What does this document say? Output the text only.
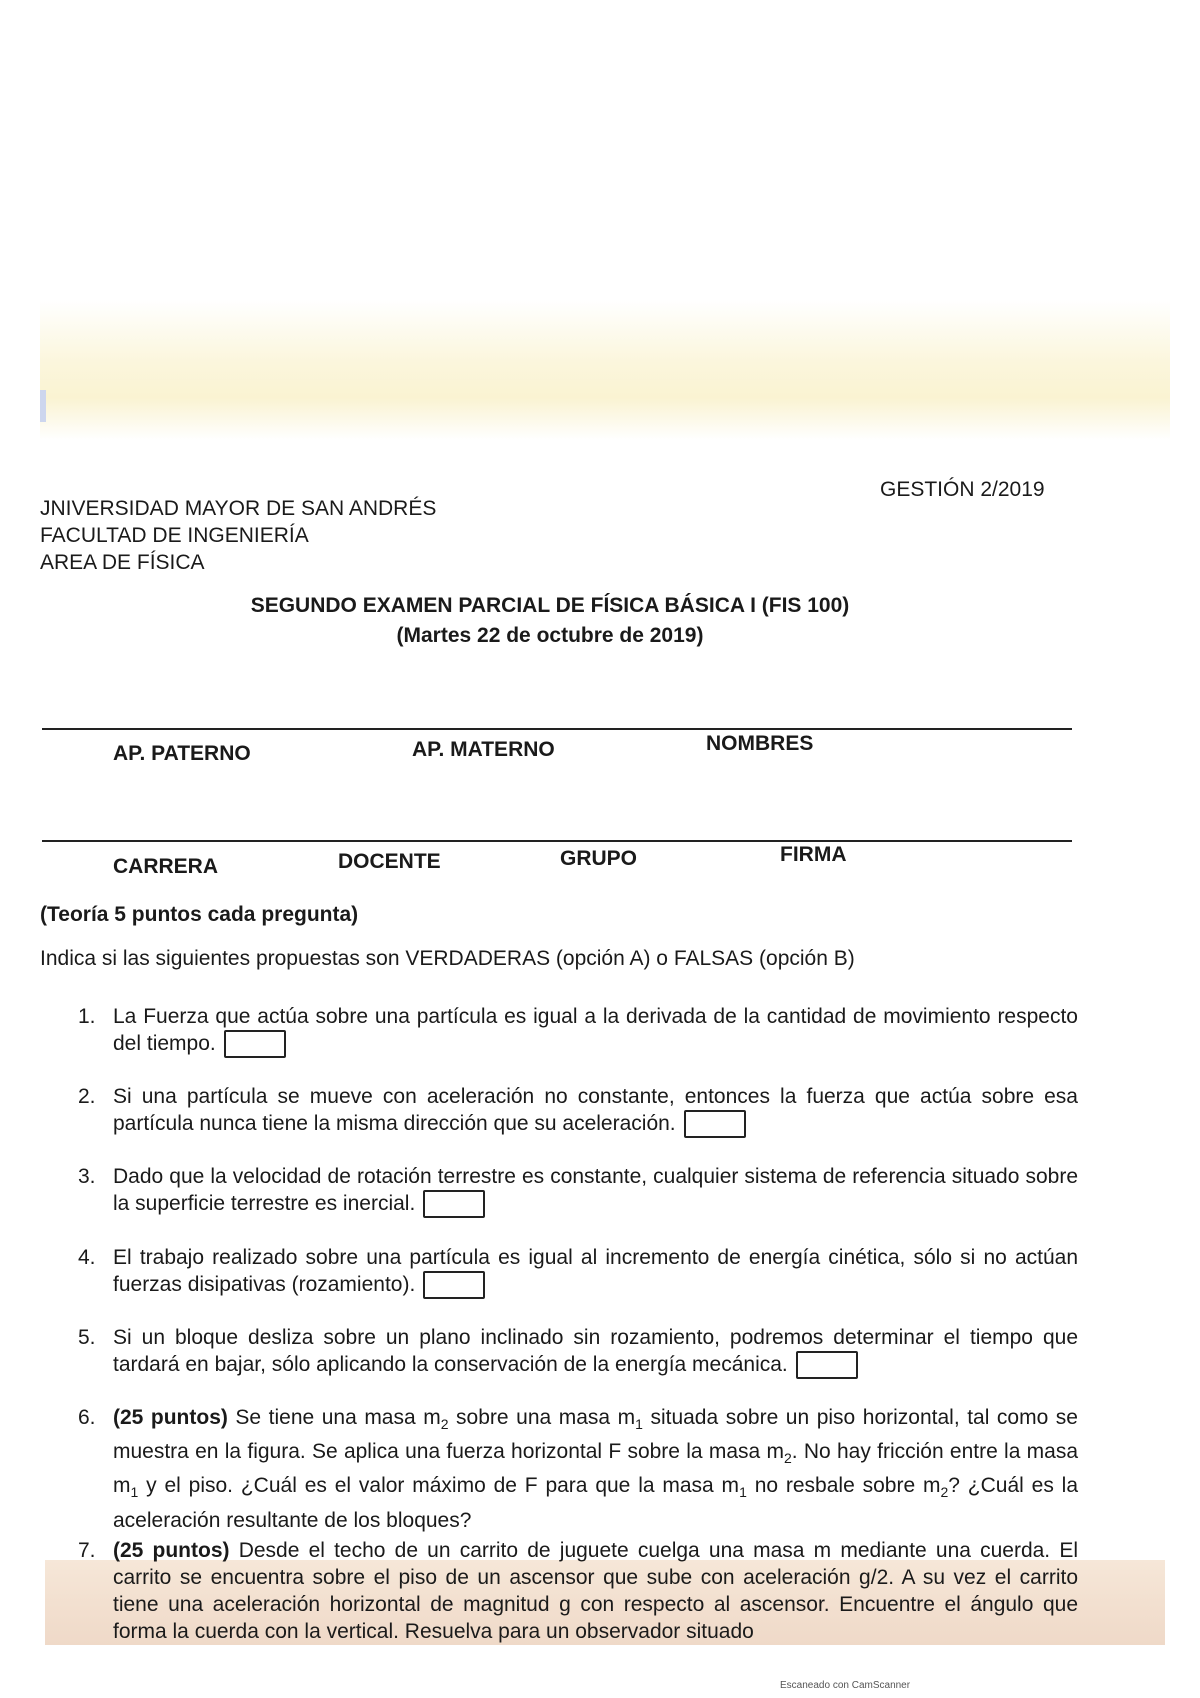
JNIVERSIDAD MAYOR DE SAN ANDRÉS
FACULTAD DE INGENIERÍA
AREA DE FÍSICA
GESTIÓN 2/2019
SEGUNDO EXAMEN PARCIAL DE FÍSICA BÁSICA I (FIS 100)
(Martes 22 de octubre de 2019)
AP. PATERNO	AP. MATERNO	NOMBRES
CARRERA	DOCENTE	GRUPO	FIRMA
(Teoría 5 puntos cada pregunta)
Indica si las siguientes propuestas son VERDADERAS (opción A) o FALSAS (opción B)
1. La Fuerza que actúa sobre una partícula es igual a la derivada de la cantidad de movimiento respecto del tiempo.
2. Si una partícula se mueve con aceleración no constante, entonces la fuerza que actúa sobre esa partícula nunca tiene la misma dirección que su aceleración.
3. Dado que la velocidad de rotación terrestre es constante, cualquier sistema de referencia situado sobre la superficie terrestre es inercial.
4. El trabajo realizado sobre una partícula es igual al incremento de energía cinética, sólo si no actúan fuerzas disipativas (rozamiento).
5. Si un bloque desliza sobre un plano inclinado sin rozamiento, podremos determinar el tiempo que tardará en bajar, sólo aplicando la conservación de la energía mecánica.
6. (25 puntos) Se tiene una masa $m_2$ sobre una masa $m_1$ situada sobre un piso horizontal, tal como se muestra en la figura. Se aplica una fuerza horizontal F sobre la masa $m_2$. No hay fricción entre la masa $m_1$ y el piso. ¿Cuál es el valor máximo de F para que la masa $m_1$ no resbale sobre $m_2$? ¿Cuál es la aceleración resultante de los bloques?
7. (25 puntos) Desde el techo de un carrito de juguete cuelga una masa m mediante una cuerda. El carrito se encuentra sobre el piso de un ascensor que sube con aceleración g/2. A su vez el carrito tiene una aceleración horizontal de magnitud g con respecto al ascensor. Encuentre el ángulo que forma la cuerda con la vertical. Resuelva para un observador situado
Escaneado con CamScanner
